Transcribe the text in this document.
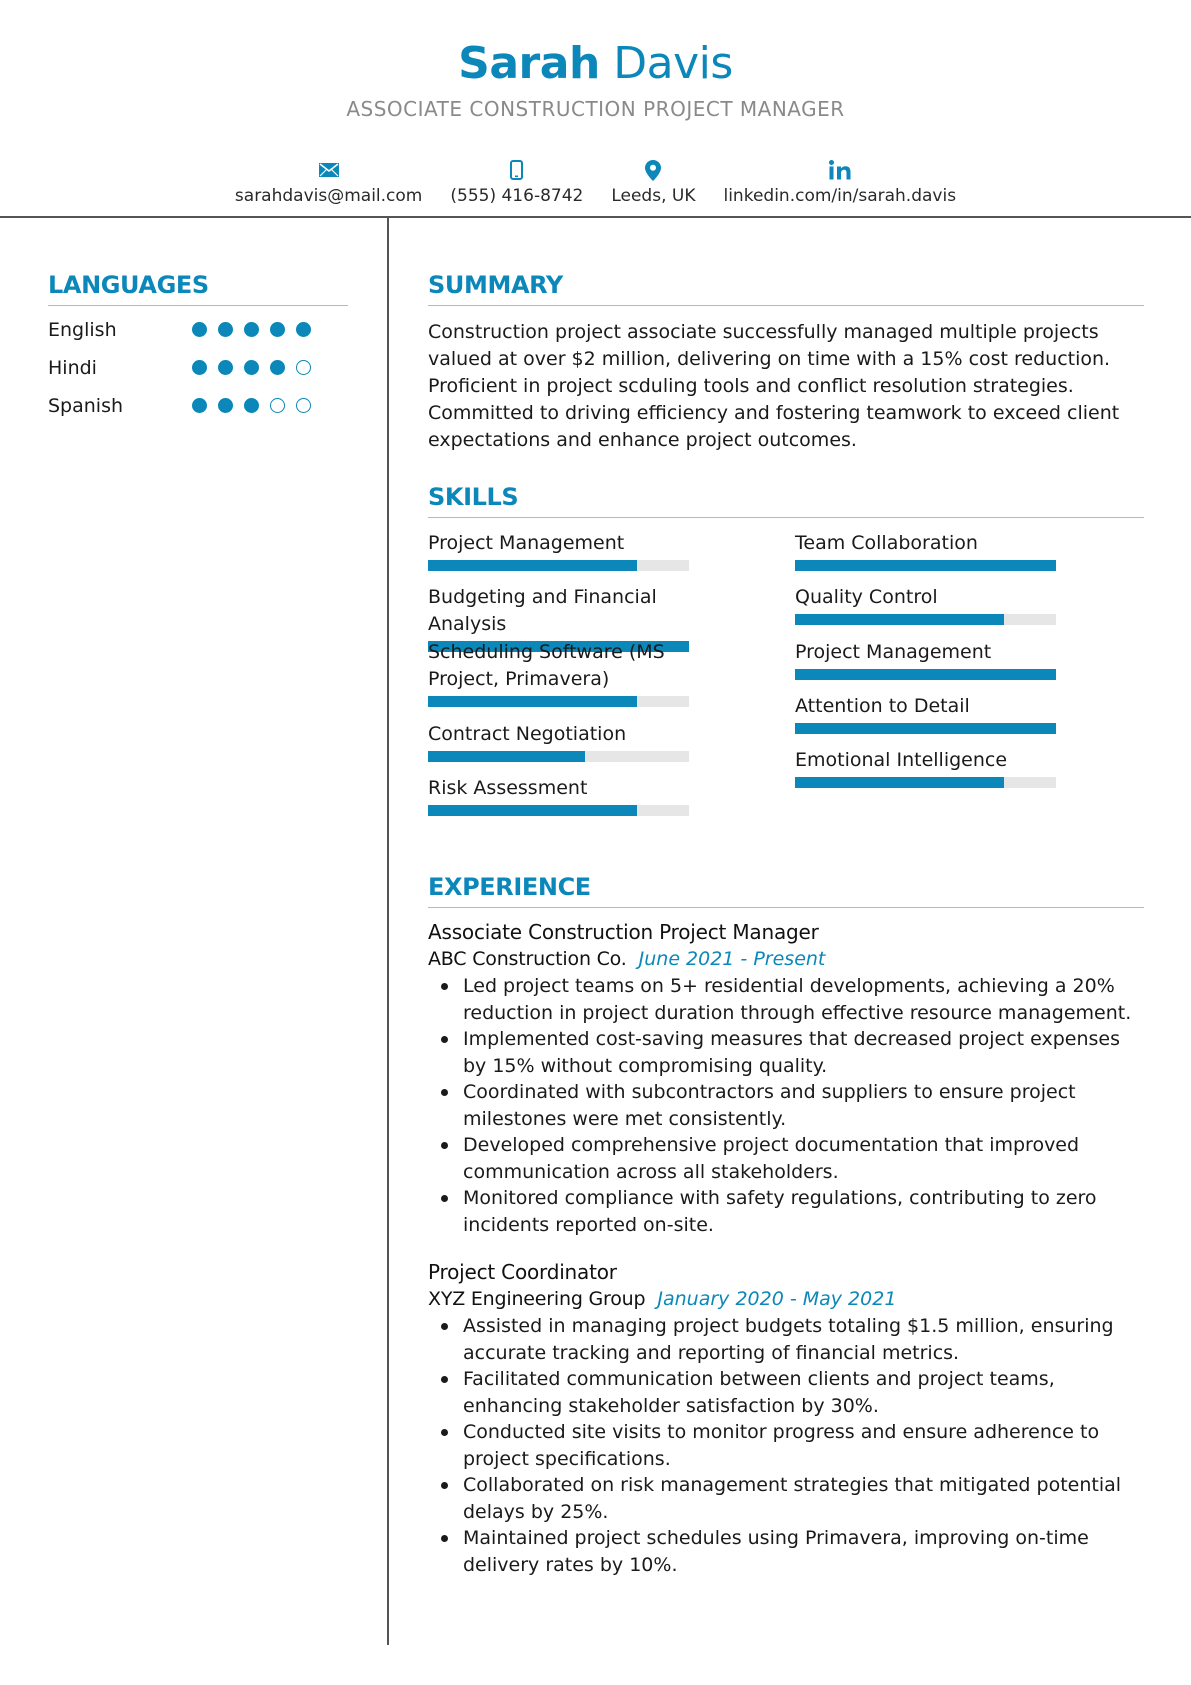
Sarah Davis
ASSOCIATE CONSTRUCTION PROJECT MANAGER
sarahdavis@mail.com (555) 416-8742 Leeds, UK linkedin.com/in/sarah.davis
LANGUAGES
English
Hindi
Spanish
SUMMARY
Construction project associate successfully managed multiple projects valued at over $2 million, delivering on time with a 15% cost reduction. Proficient in project scduling tools and conflict resolution strategies. Committed to driving efficiency and fostering teamwork to exceed client expectations and enhance project outcomes.
SKILLS
Project Management
Budgeting and Financial Analysis
Scheduling Software (MS Project, Primavera)
Contract Negotiation
Risk Assessment
Team Collaboration
Quality Control
Project Management
Attention to Detail
Emotional Intelligence
EXPERIENCE
Associate Construction Project Manager
ABC Construction Co. June 2021 - Present
Led project teams on 5+ residential developments, achieving a 20% reduction in project duration through effective resource management.
Implemented cost-saving measures that decreased project expenses by 15% without compromising quality.
Coordinated with subcontractors and suppliers to ensure project milestones were met consistently.
Developed comprehensive project documentation that improved communication across all stakeholders.
Monitored compliance with safety regulations, contributing to zero incidents reported on-site.
Project Coordinator
XYZ Engineering Group January 2020 - May 2021
Assisted in managing project budgets totaling $1.5 million, ensuring accurate tracking and reporting of financial metrics.
Facilitated communication between clients and project teams, enhancing stakeholder satisfaction by 30%.
Conducted site visits to monitor progress and ensure adherence to project specifications.
Collaborated on risk management strategies that mitigated potential delays by 25%.
Maintained project schedules using Primavera, improving on-time delivery rates by 10%.
